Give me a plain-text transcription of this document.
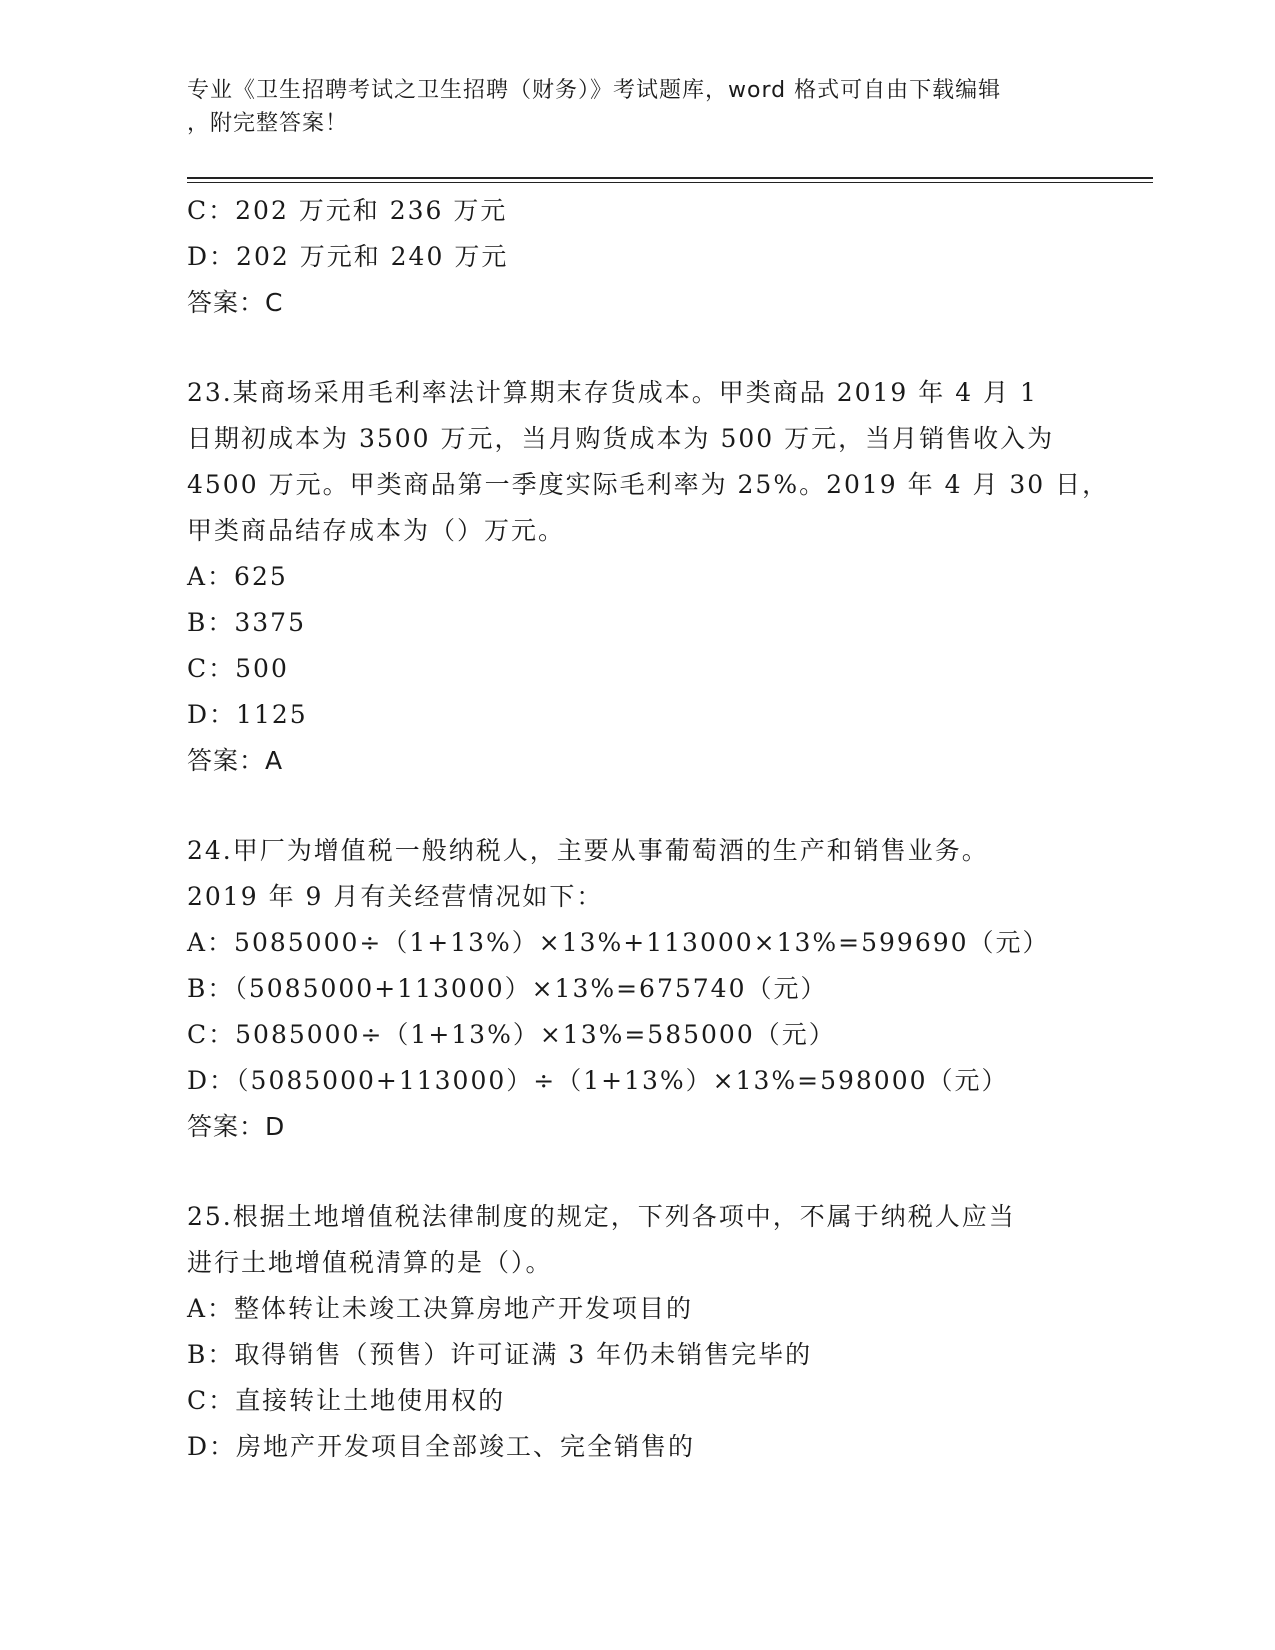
专业《卫生招聘考试之卫生招聘（财务）》考试题库，word 格式可自由下载编辑
，附完整答案！
C：202 万元和 236 万元
D：202 万元和 240 万元
答案：C
23.某商场采用毛利率法计算期末存货成本。甲类商品 2019 年 4 月 1
日期初成本为 3500 万元，当月购货成本为 500 万元，当月销售收入为
4500 万元。甲类商品第一季度实际毛利率为 25%。2019 年 4 月 30 日，
甲类商品结存成本为（）万元。
A：625
B：3375
C：500
D：1125
答案：A
24.甲厂为增值税一般纳税人，主要从事葡萄酒的生产和销售业务。
2019 年 9 月有关经营情况如下：
A：5085000÷（1+13%）×13%+113000×13%=599690（元）
B：（5085000+113000）×13%=675740（元）
C：5085000÷（1+13%）×13%=585000（元）
D：（5085000+113000）÷（1+13%）×13%=598000（元）
答案：D
25.根据土地增值税法律制度的规定，下列各项中，不属于纳税人应当
进行土地增值税清算的是（）。
A：整体转让未竣工决算房地产开发项目的
B：取得销售（预售）许可证满 3 年仍未销售完毕的
C：直接转让土地使用权的
D：房地产开发项目全部竣工、完全销售的
